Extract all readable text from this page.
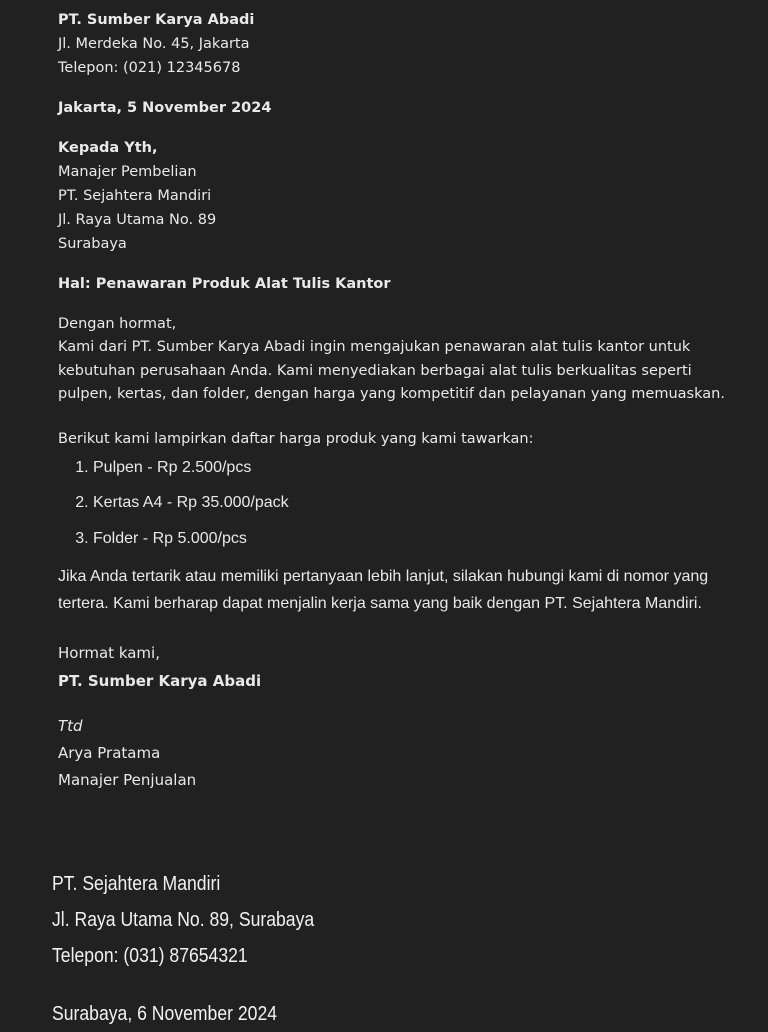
PT. Sumber Karya Abadi
Jl. Merdeka No. 45, Jakarta
Telepon: (021) 12345678
Jakarta, 5 November 2024
Kepada Yth,
Manajer Pembelian
PT. Sejahtera Mandiri
Jl. Raya Utama No. 89
Surabaya
Hal: Penawaran Produk Alat Tulis Kantor
Dengan hormat,

Kami dari PT. Sumber Karya Abadi ingin mengajukan penawaran alat tulis kantor untuk kebutuhan perusahaan Anda. Kami menyediakan berbagai alat tulis berkualitas seperti pulpen, kertas, dan folder, dengan harga yang kompetitif dan pelayanan yang memuaskan.

Berikut kami lampirkan daftar harga produk yang kami tawarkan:
1. Pulpen - Rp 2.500/pcs
2. Kertas A4 - Rp 35.000/pack
3. Folder - Rp 5.000/pcs

Jika Anda tertarik atau memiliki pertanyaan lebih lanjut, silakan hubungi kami di nomor yang tertera. Kami berharap dapat menjalin kerja sama yang baik dengan PT. Sejahtera Mandiri.

Hormat kami,
PT. Sumber Karya Abadi
Ttd
Arya Pratama
Manajer Penjualan
PT. Sejahtera Mandiri
Jl. Raya Utama No. 89, Surabaya
Telepon: (031) 87654321
Surabaya, 6 November 2024
